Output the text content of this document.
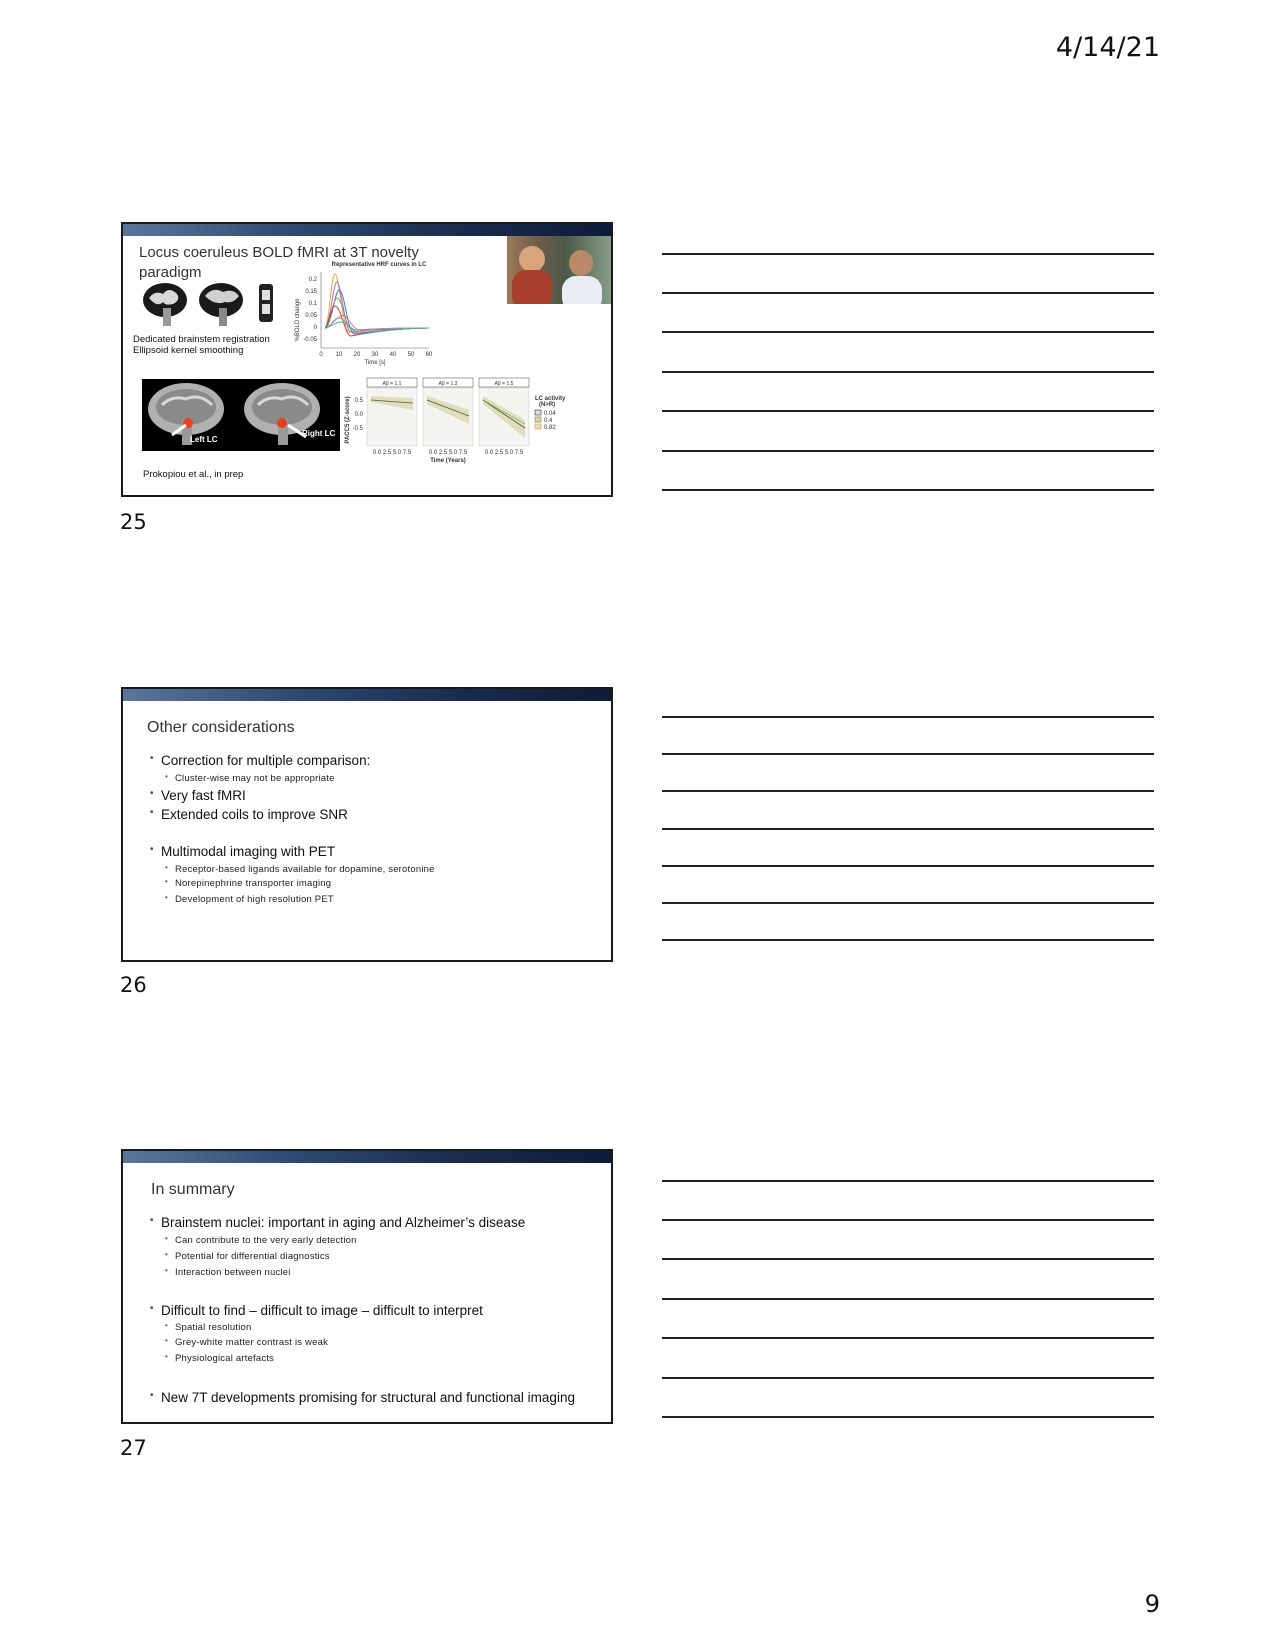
4/14/21
Locus coeruleus BOLD fMRI at 3T novelty
paradigm
Dedicated brainstem registration
Ellipsoid kernel smoothing
Representative HRF curves in LC
%BOLD change
0.2
0.15
0.1
0.05
0
-0.05
0 10 20 30 40 50 60
Time [s]
Left LC
Right LC PACC5 (Z-score) 0.5
0.0
-0.5
Aβ = 1.1	Aβ = 1.3	Aβ = 1.5
0.0 2.5 5.0 7.5	0.0 2.5 5.0 7.5	0.0 2.5 5.0 7.5
Time (Years)
LC activity
(N>R)
0.04
0.4
0.82
Prokopiou et al., in prep
25
Other considerations
• Correction for multiple comparison:
• Cluster-wise may not be appropriate
• Very fast fMRI
• Extended coils to improve SNR
• Multimodal imaging with PET
• Receptor-based ligands available for dopamine, serotonine
• Norepinephrine transporter imaging
• Development of high resolution PET
26
In summary
• Brainstem nuclei: important in aging and Alzheimer’s disease
• Can contribute to the very early detection
• Potential for differential diagnostics
• Interaction between nuclei
• Difficult to find – difficult to image – difficult to interpret
• Spatial resolution
• Grey-white matter contrast is weak
• Physiological artefacts
• New 7T developments promising for structural and functional imaging
27
9
